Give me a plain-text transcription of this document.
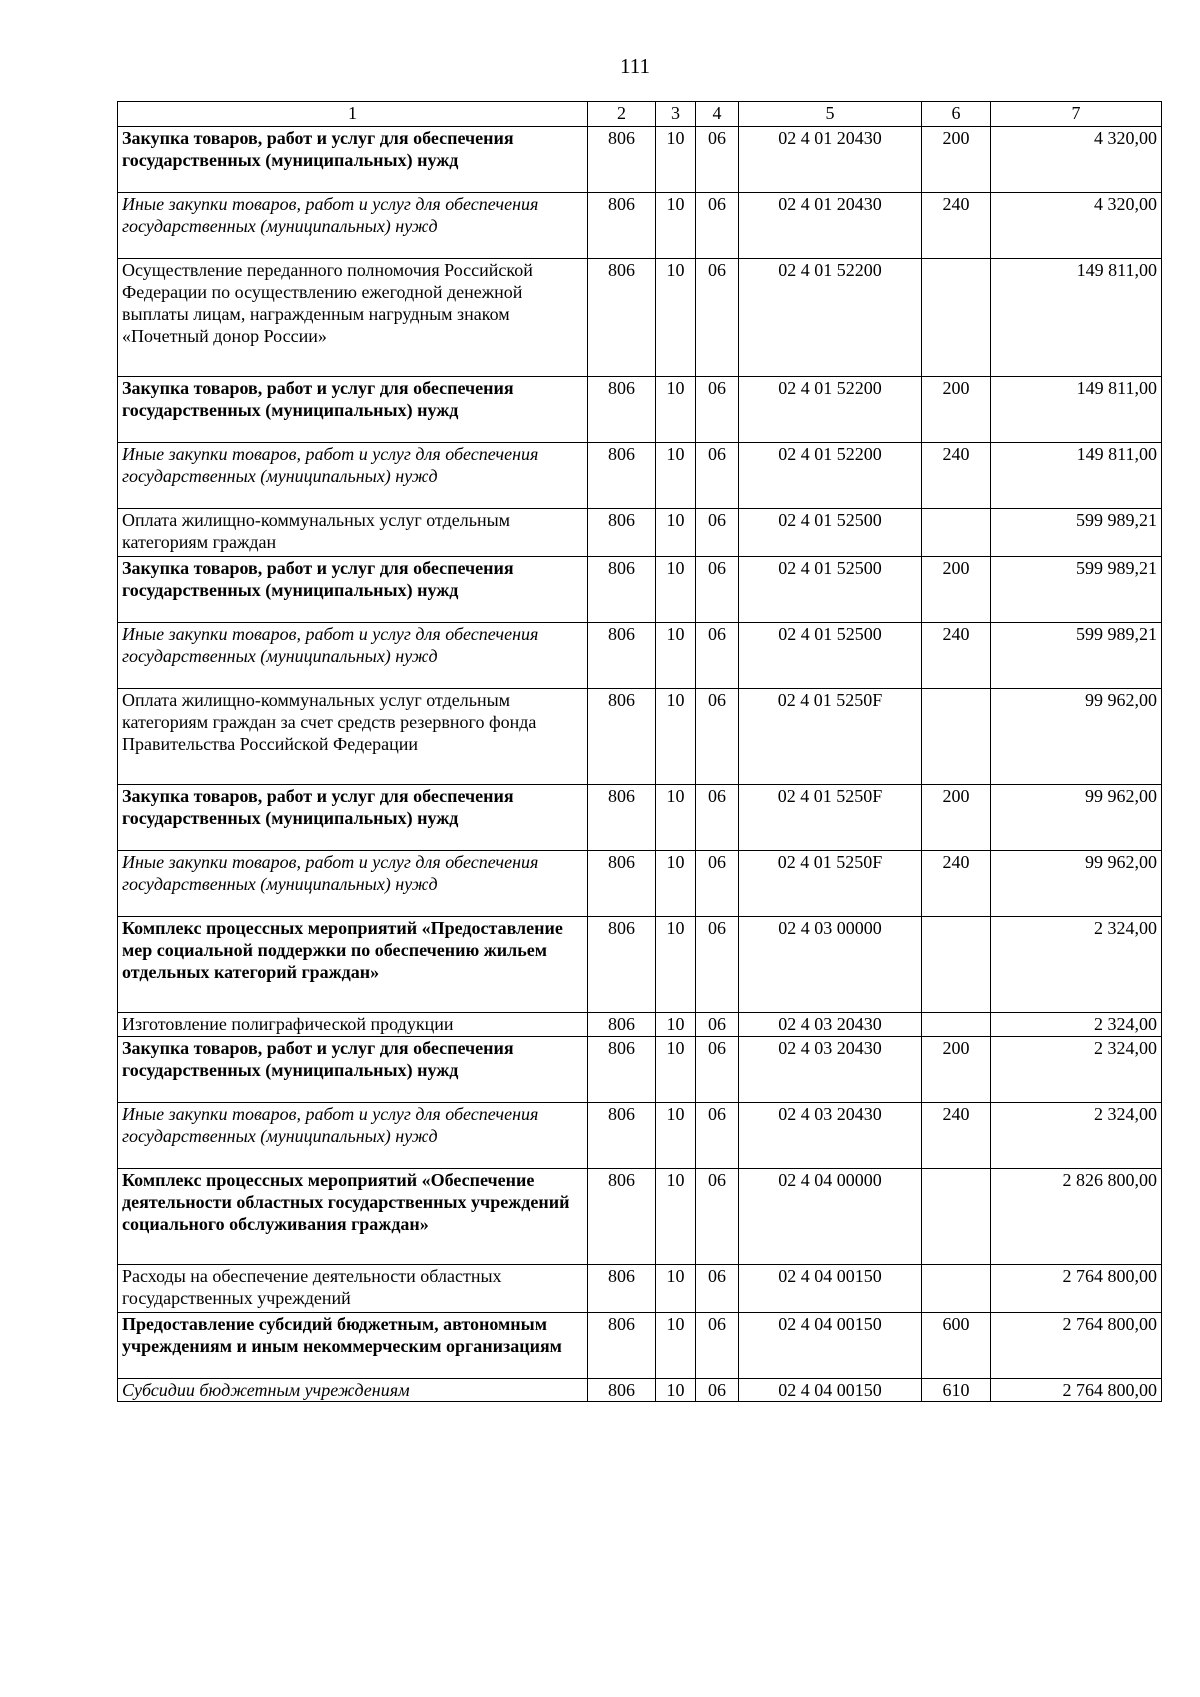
111
1	2	3	4	5	6	7
Закупка товаров, работ и услуг для обеспечения государственных (муниципальных) нужд	806	10	06	02 4 01 20430	200	4 320,00
Иные закупки товаров, работ и услуг для обеспечения государственных (муниципальных) нужд	806	10	06	02 4 01 20430	240	4 320,00
Осуществление переданного полномочия Российской Федерации по осуществлению ежегодной денежной выплаты лицам, награжденным нагрудным знаком «Почетный донор России»	806	10	06	02 4 01 52200		149 811,00
Закупка товаров, работ и услуг для обеспечения государственных (муниципальных) нужд	806	10	06	02 4 01 52200	200	149 811,00
Иные закупки товаров, работ и услуг для обеспечения государственных (муниципальных) нужд	806	10	06	02 4 01 52200	240	149 811,00
Оплата жилищно-коммунальных услуг отдельным категориям граждан	806	10	06	02 4 01 52500		599 989,21
Закупка товаров, работ и услуг для обеспечения государственных (муниципальных) нужд	806	10	06	02 4 01 52500	200	599 989,21
Иные закупки товаров, работ и услуг для обеспечения государственных (муниципальных) нужд	806	10	06	02 4 01 52500	240	599 989,21
Оплата жилищно-коммунальных услуг отдельным категориям граждан за счет средств резервного фонда Правительства Российской Федерации	806	10	06	02 4 01 5250F		99 962,00
Закупка товаров, работ и услуг для обеспечения государственных (муниципальных) нужд	806	10	06	02 4 01 5250F	200	99 962,00
Иные закупки товаров, работ и услуг для обеспечения государственных (муниципальных) нужд	806	10	06	02 4 01 5250F	240	99 962,00
Комплекс процессных мероприятий «Предоставление мер социальной поддержки по обеспечению жильем отдельных категорий граждан»	806	10	06	02 4 03 00000		2 324,00
Изготовление полиграфической продукции	806	10	06	02 4 03 20430		2 324,00
Закупка товаров, работ и услуг для обеспечения государственных (муниципальных) нужд	806	10	06	02 4 03 20430	200	2 324,00
Иные закупки товаров, работ и услуг для обеспечения государственных (муниципальных) нужд	806	10	06	02 4 03 20430	240	2 324,00
Комплекс процессных мероприятий «Обеспечение деятельности областных государственных учреждений социального обслуживания граждан»	806	10	06	02 4 04 00000		2 826 800,00
Расходы на обеспечение деятельности областных государственных учреждений	806	10	06	02 4 04 00150		2 764 800,00
Предоставление субсидий бюджетным, автономным учреждениям и иным некоммерческим организациям	806	10	06	02 4 04 00150	600	2 764 800,00
Субсидии бюджетным учреждениям	806	10	06	02 4 04 00150	610	2 764 800,00
